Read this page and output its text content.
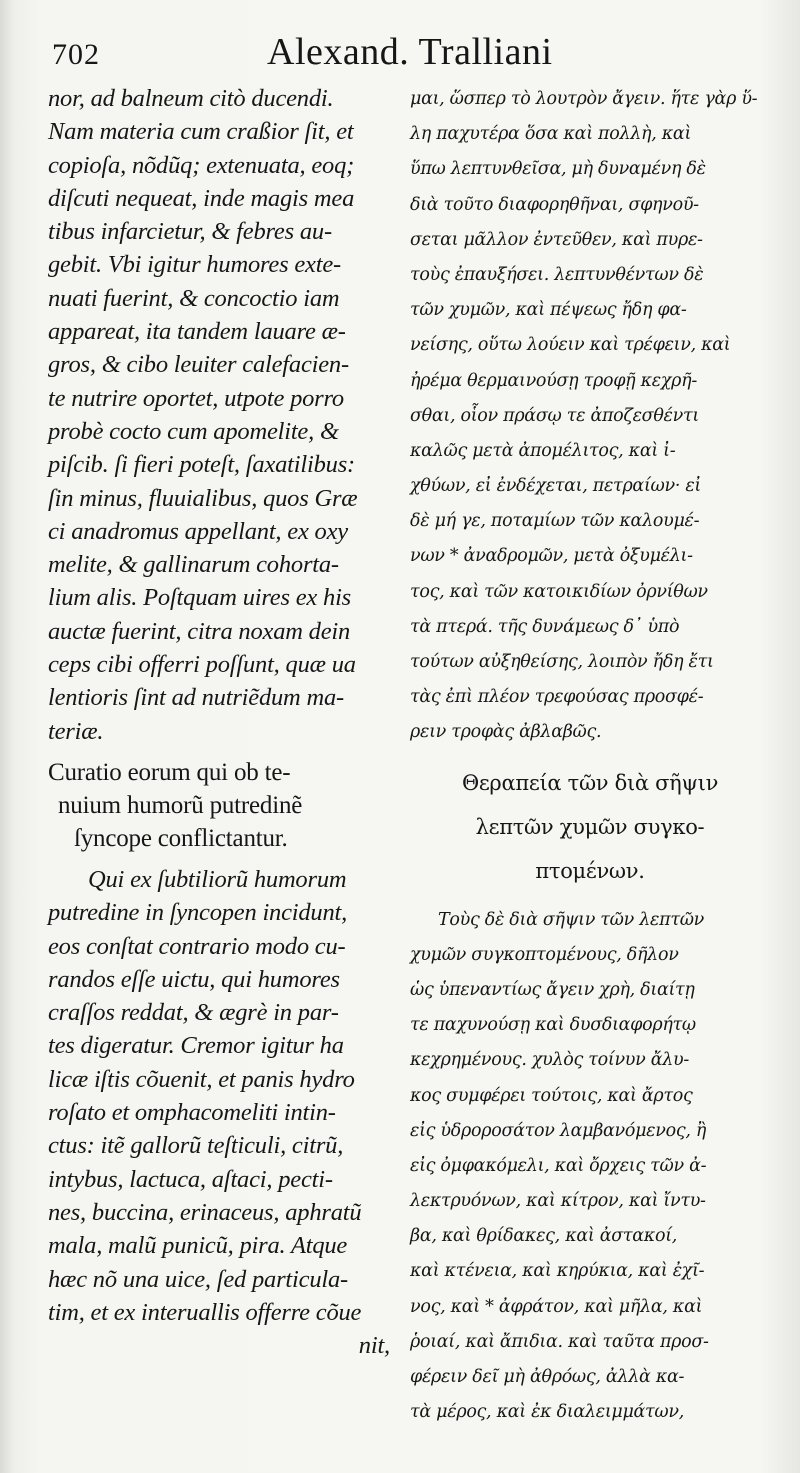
702	Alexand. Tralliani
nor, ad balneum citò ducendi.
Nam materia cum craßior ſit, et
copioſa, nõdũq; extenuata, eoq;
diſcuti nequeat, inde magis mea
tibus infarcietur, & febres au-
gebit. Vbi igitur humores exte-
nuati fuerint, & concoctio iam
appareat, ita tandem lauare æ-
gros, & cibo leuiter calefacien-
te nutrire oportet, utpote porro
probè cocto cum apomelite, &
piſcib. ſi fieri poteſt, ſaxatilibus:
ſin minus, fluuialibus, quos Græ
ci anadromus appellant, ex oxy
melite, & gallinarum cohorta-
lium alis. Poſtquam uires ex his
auctæ fuerint, citra noxam dein
ceps cibi offerri poſſunt, quæ ua
lentioris ſint ad nutriẽdum ma-
teriæ.
Curatio eorum qui ob te-
nuium humorũ putredinẽ
ſyncope conflictantur.
Qui ex ſubtiliorũ humorum
putredine in ſyncopen incidunt,
eos conſtat contrario modo cu-
randos eſſe uictu, qui humores
craſſos reddat, & ægrè in par-
tes digeratur. Cremor igitur ha
licæ iſtis cõuenit, et panis hydro
roſato et omphacomeliti intin-
ctus: itẽ gallorũ teſticuli, citrũ,
intybus, lactuca, aſtaci, pecti-
nes, buccina, erinaceus, aphratũ
mala, malũ punicũ, pira. Atque
hæc nõ una uice, ſed particula-
tim, et ex interuallis offerre cõue
nit,
μαι, ὥσπερ τὸ λουτρὸν ἄγειν. ἥτε γὰρ ὕ-
λη παχυτέρα ὅσα καὶ πολλὴ, καὶ
ὕπω λεπτυνθεῖσα, μὴ δυναμένη δὲ
διὰ τοῦτο διαφορηθῆναι, σφηνοῦ-
σεται μᾶλλον ἐντεῦθεν, καὶ πυρε-
τοὺς ἐπαυξήσει. λεπτυνθέντων δὲ
τῶν χυμῶν, καὶ πέψεως ἤδη φα-
νείσης, οὕτω λούειν καὶ τρέφειν, καὶ
ἠρέμα θερμαινούσῃ τροφῇ κεχρῆ-
σθαι, οἷον πράσῳ τε ἀποζεσθέντι
καλῶς μετὰ ἀπομέλιτος, καὶ ἰ-
χθύων, εἰ ἐνδέχεται, πετραίων· εἰ
δὲ μή γε, ποταμίων τῶν καλουμέ-
νων * ἀναδρομῶν, μετὰ ὀξυμέλι-
τος, καὶ τῶν κατοικιδίων ὀρνίθων
τὰ πτερά. τῆς δυνάμεως δ᾽ ὑπὸ
τούτων αὐξηθείσης, λοιπὸν ἤδη ἔτι
τὰς ἐπὶ πλέον τρεφούσας προσφέ-
ρειν τροφὰς ἀβλαβῶς.
Θεραπεία τῶν διὰ σῆψιν
λεπτῶν χυμῶν συγκο-
πτομένων.
Τοὺς δὲ διὰ σῆψιν τῶν λεπτῶν
χυμῶν συγκοπτομένους, δῆλον
ὡς ὑπεναντίως ἄγειν χρὴ, διαίτῃ
τε παχυνούσῃ καὶ δυσδιαφορήτῳ
κεχρημένους. χυλὸς τοίνυν ἄλυ-
κος συμφέρει τούτοις, καὶ ἄρτος
εἰς ὑδροροσάτον λαμβανόμενος, ἢ
εἰς ὀμφακόμελι, καὶ ὄρχεις τῶν ἀ-
λεκτρυόνων, καὶ κίτρον, καὶ ἴντυ-
βα, καὶ θρίδακες, καὶ ἀστακοί,
καὶ κτένεια, καὶ κηρύκια, καὶ ἐχῖ-
νος, καὶ * ἀφράτον, καὶ μῆλα, καὶ
ῥοιαί, καὶ ἄπιδια. καὶ ταῦτα προσ-
φέρειν δεῖ μὴ ἀθρόως, ἀλλὰ κα-
τὰ μέρος, καὶ ἐκ διαλειμμάτων,
